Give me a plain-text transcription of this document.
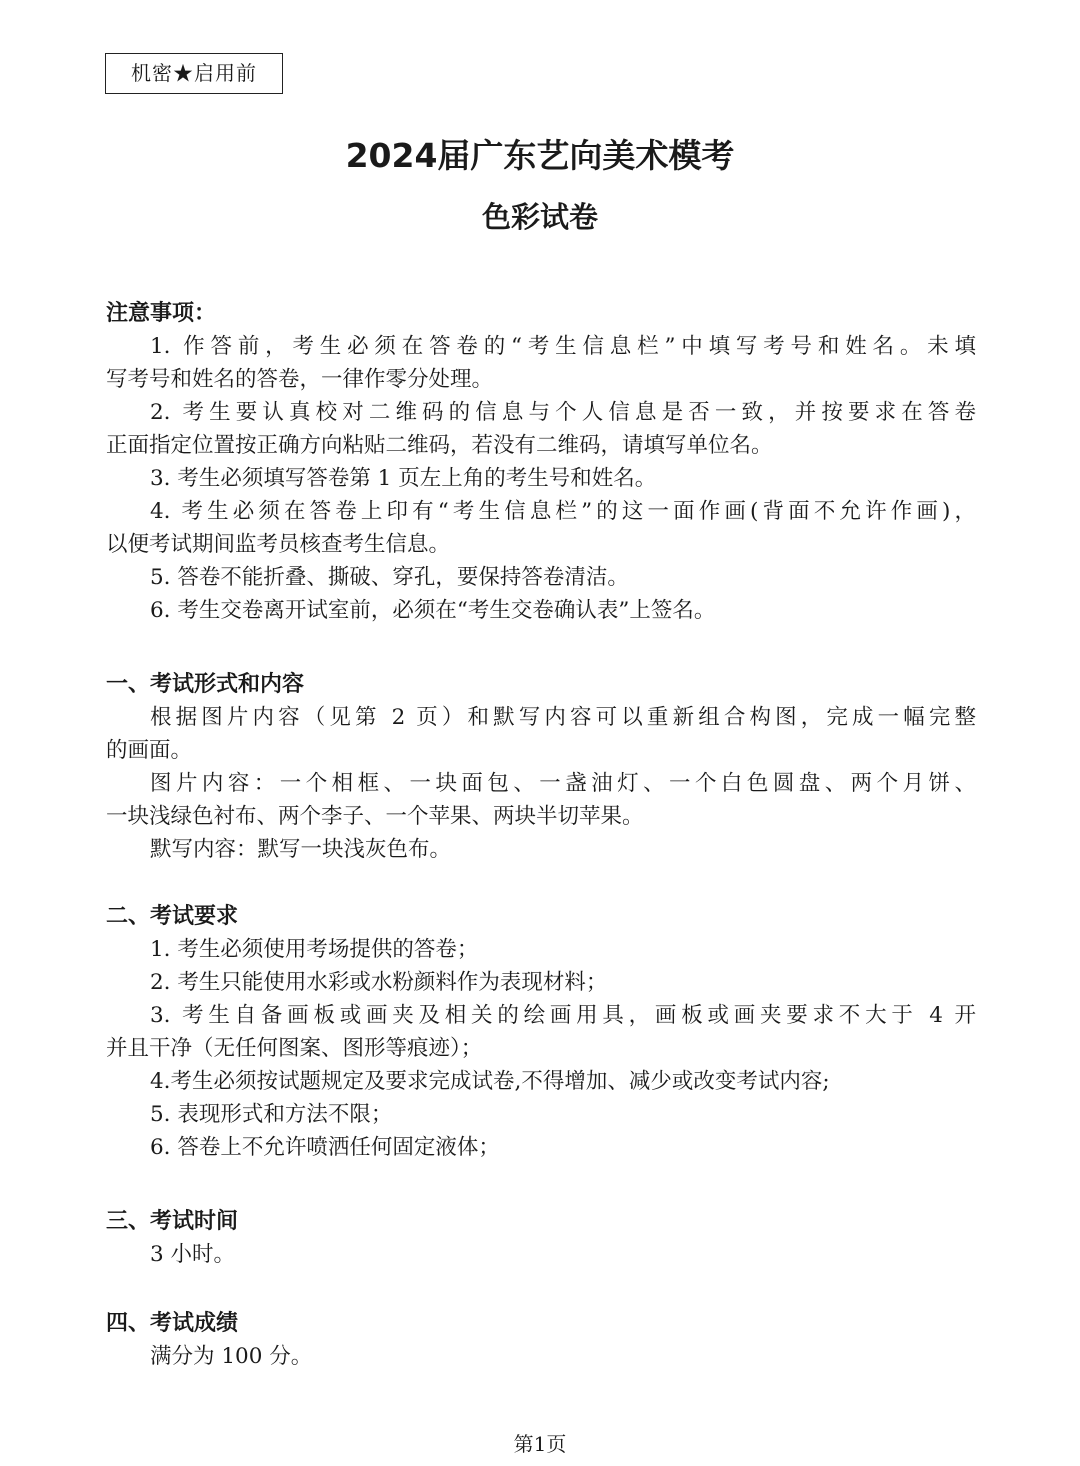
机密★启用前
2024届广东艺向美术模考
色彩试卷
注意事项：
1. 作答前，考生必须在答卷的“考生信息栏”中填写考号和姓名。未填
写考号和姓名的答卷，一律作零分处理。
2. 考生要认真校对二维码的信息与个人信息是否一致，并按要求在答卷
正面指定位置按正确方向粘贴二维码，若没有二维码，请填写单位名。
3. 考生必须填写答卷第 1 页左上角的考生号和姓名。
4. 考生必须在答卷上印有“考生信息栏”的这一面作画(背面不允许作画)，
以便考试期间监考员核查考生信息。
5. 答卷不能折叠、撕破、穿孔，要保持答卷清洁。
6. 考生交卷离开试室前，必须在“考生交卷确认表”上签名。
一、考试形式和内容
根据图片内容（见第 2 页）和默写内容可以重新组合构图，完成一幅完整
的画面。
图片内容：一个相框、一块面包、一盏油灯、一个白色圆盘、两个月饼、
一块浅绿色衬布、两个李子、一个苹果、两块半切苹果。
默写内容：默写一块浅灰色布。
二、考试要求
1. 考生必须使用考场提供的答卷；
2. 考生只能使用水彩或水粉颜料作为表现材料；
3. 考生自备画板或画夹及相关的绘画用具，画板或画夹要求不大于 4 开
并且干净（无任何图案、图形等痕迹）；
4.考生必须按试题规定及要求完成试卷,不得增加、减少或改变考试内容;
5. 表现形式和方法不限；
6. 答卷上不允许喷洒任何固定液体；
三、考试时间
3 小时。
四、考试成绩
满分为 100 分。
第1页
